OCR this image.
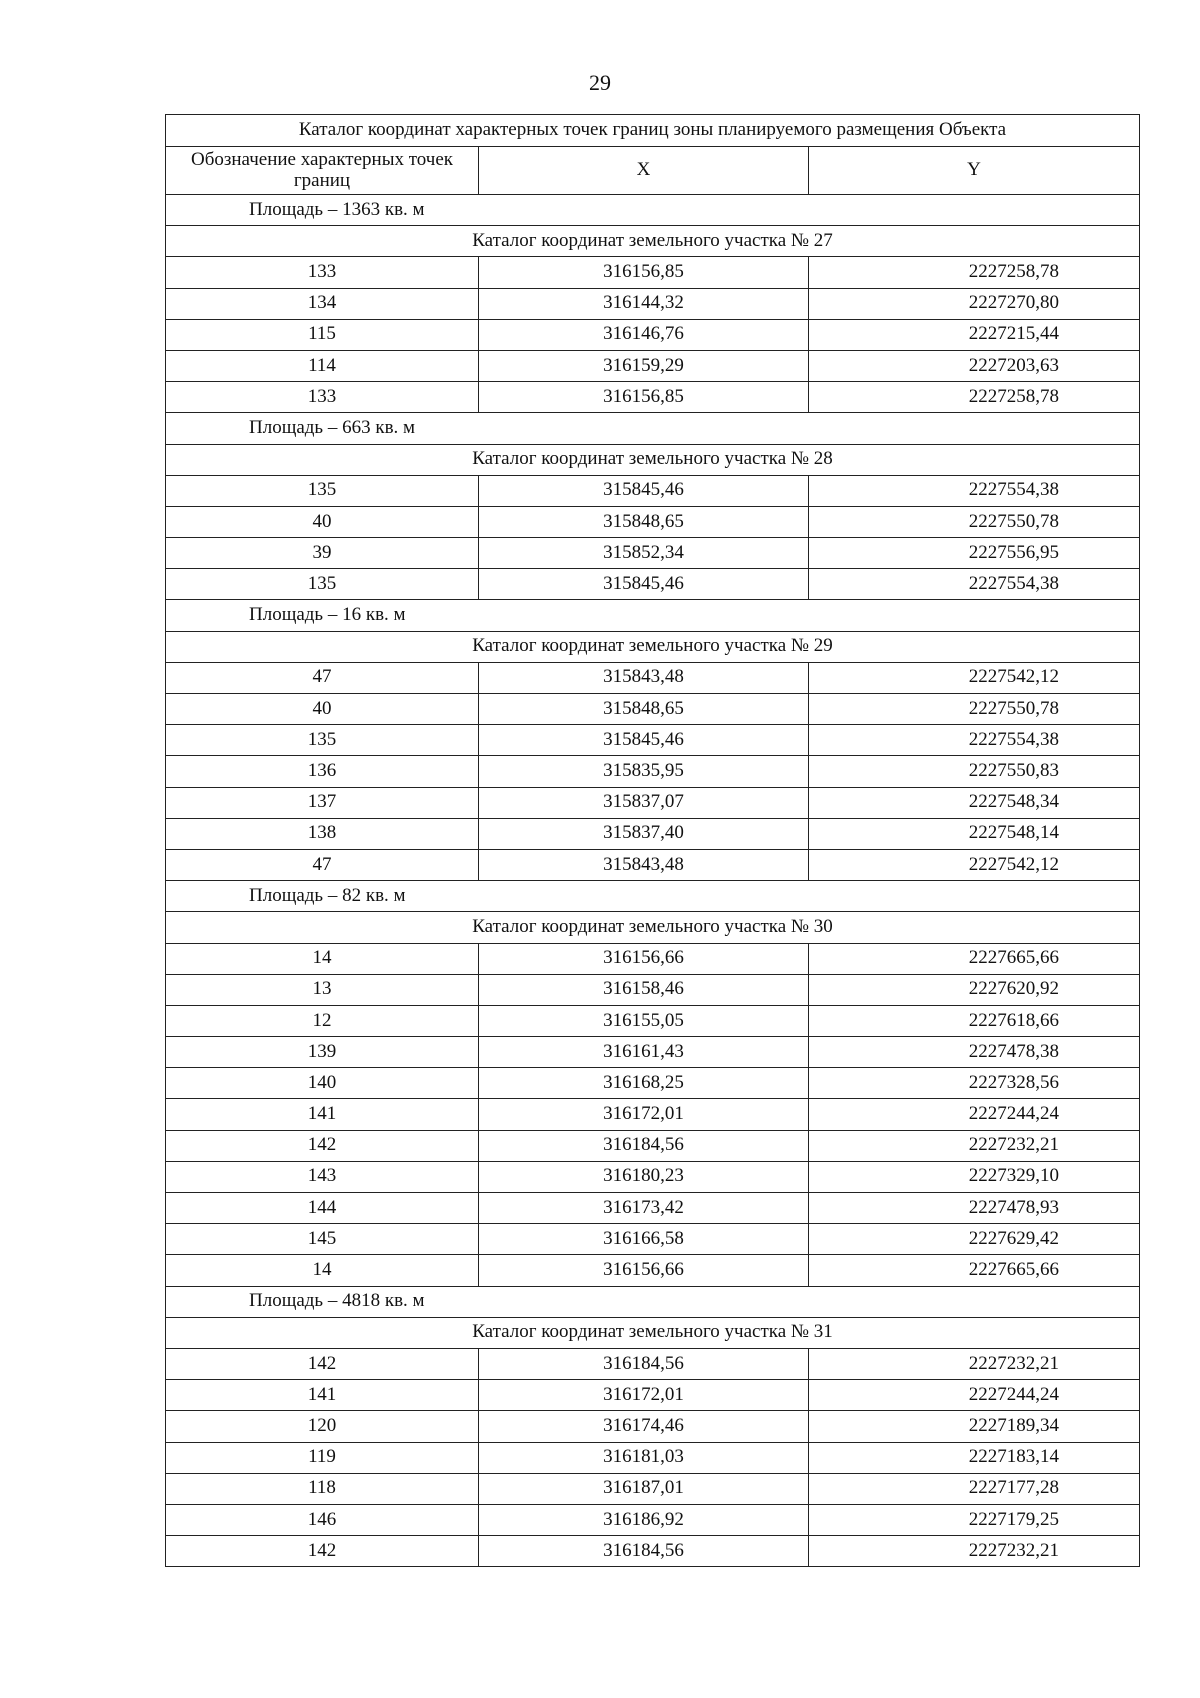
29
Каталог координат характерных точек границ зоны планируемого размещения Объекта		
Обозначение характерных точек границ	X	Y
Площадь – 1363 кв. м		
Каталог координат земельного участка № 27		
133	316156,85	2227258,78
134	316144,32	2227270,80
115	316146,76	2227215,44
114	316159,29	2227203,63
133	316156,85	2227258,78
Площадь – 663 кв. м		
Каталог координат земельного участка № 28		
135	315845,46	2227554,38
40	315848,65	2227550,78
39	315852,34	2227556,95
135	315845,46	2227554,38
Площадь – 16 кв. м		
Каталог координат земельного участка № 29		
47	315843,48	2227542,12
40	315848,65	2227550,78
135	315845,46	2227554,38
136	315835,95	2227550,83
137	315837,07	2227548,34
138	315837,40	2227548,14
47	315843,48	2227542,12
Площадь – 82 кв. м		
Каталог координат земельного участка № 30		
14	316156,66	2227665,66
13	316158,46	2227620,92
12	316155,05	2227618,66
139	316161,43	2227478,38
140	316168,25	2227328,56
141	316172,01	2227244,24
142	316184,56	2227232,21
143	316180,23	2227329,10
144	316173,42	2227478,93
145	316166,58	2227629,42
14	316156,66	2227665,66
Площадь – 4818 кв. м		
Каталог координат земельного участка № 31		
142	316184,56	2227232,21
141	316172,01	2227244,24
120	316174,46	2227189,34
119	316181,03	2227183,14
118	316187,01	2227177,28
146	316186,92	2227179,25
142	316184,56	2227232,21
